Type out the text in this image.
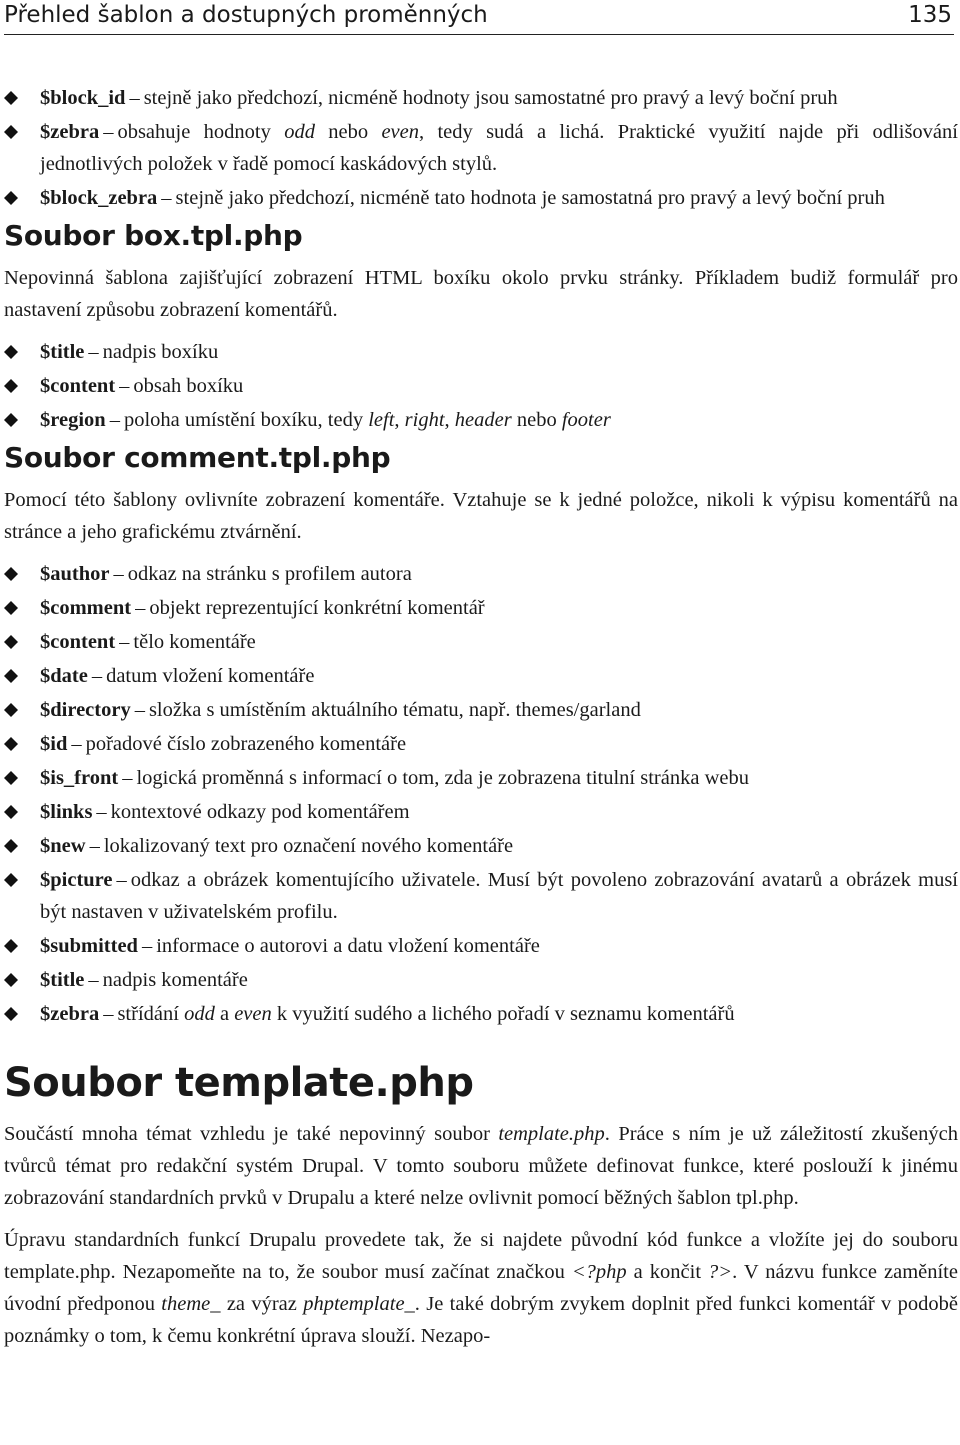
Přehled šablon a dostupných proměnných	135
$block_id – stejně jako předchozí, nicméně hodnoty jsou samostatné pro pravý a levý boční pruh
$zebra – obsahuje hodnoty odd nebo even, tedy sudá a lichá. Praktické využití najde při odlišování jednotlivých položek v řadě pomocí kaskádových stylů.
$block_zebra – stejně jako předchozí, nicméně tato hodnota je samostatná pro pravý a levý boční pruh
Soubor box.tpl.php

Nepovinná šablona zajišťující zobrazení HTML boxíku okolo prvku stránky. Příkladem budiž formulář pro nastavení způsobu zobrazení komentářů.

$title – nadpis boxíku
$content – obsah boxíku
$region – poloha umístění boxíku, tedy left, right, header nebo footer
Soubor comment.tpl.php

Pomocí této šablony ovlivníte zobrazení komentáře. Vztahuje se k jedné položce, nikoli k výpisu komentářů na stránce a jeho grafickému ztvárnění.

$author – odkaz na stránku s profilem autora
$comment – objekt reprezentující konkrétní komentář
$content – tělo komentáře
$date – datum vložení komentáře
$directory – složka s umístěním aktuálního tématu, např. themes/garland
$id – pořadové číslo zobrazeného komentáře
$is_front – logická proměnná s informací o tom, zda je zobrazena titulní stránka webu
$links – kontextové odkazy pod komentářem
$new – lokalizovaný text pro označení nového komentáře
$picture – odkaz a obrázek komentujícího uživatele. Musí být povoleno zobrazování avatarů a obrázek musí být nastaven v uživatelském profilu.
$submitted – informace o autorovi a datu vložení komentáře
$title – nadpis komentáře
$zebra – střídání odd a even k využití sudého a lichého pořadí v seznamu komentářů
Soubor template.php

Součástí mnoha témat vzhledu je také nepovinný soubor template.php. Práce s ním je už záležitostí zkušených tvůrců témat pro redakční systém Drupal. V tomto souboru můžete definovat funkce, které poslouží k jinému zobrazování standardních prvků v Drupalu a které nelze ovlivnit pomocí běžných šablon tpl.php.

Úpravu standardních funkcí Drupalu provedete tak, že si najdete původní kód funkce a vložíte jej do souboru template.php. Nezapomeňte na to, že soubor musí začínat značkou <?php a končit ?>. V názvu funkce zaměníte úvodní předponou theme_ za výraz phptemplate_. Je také dobrým zvykem doplnit před funkci komentář v podobě poznámky o tom, k čemu konkrétní úprava slouží. Nezapo-
